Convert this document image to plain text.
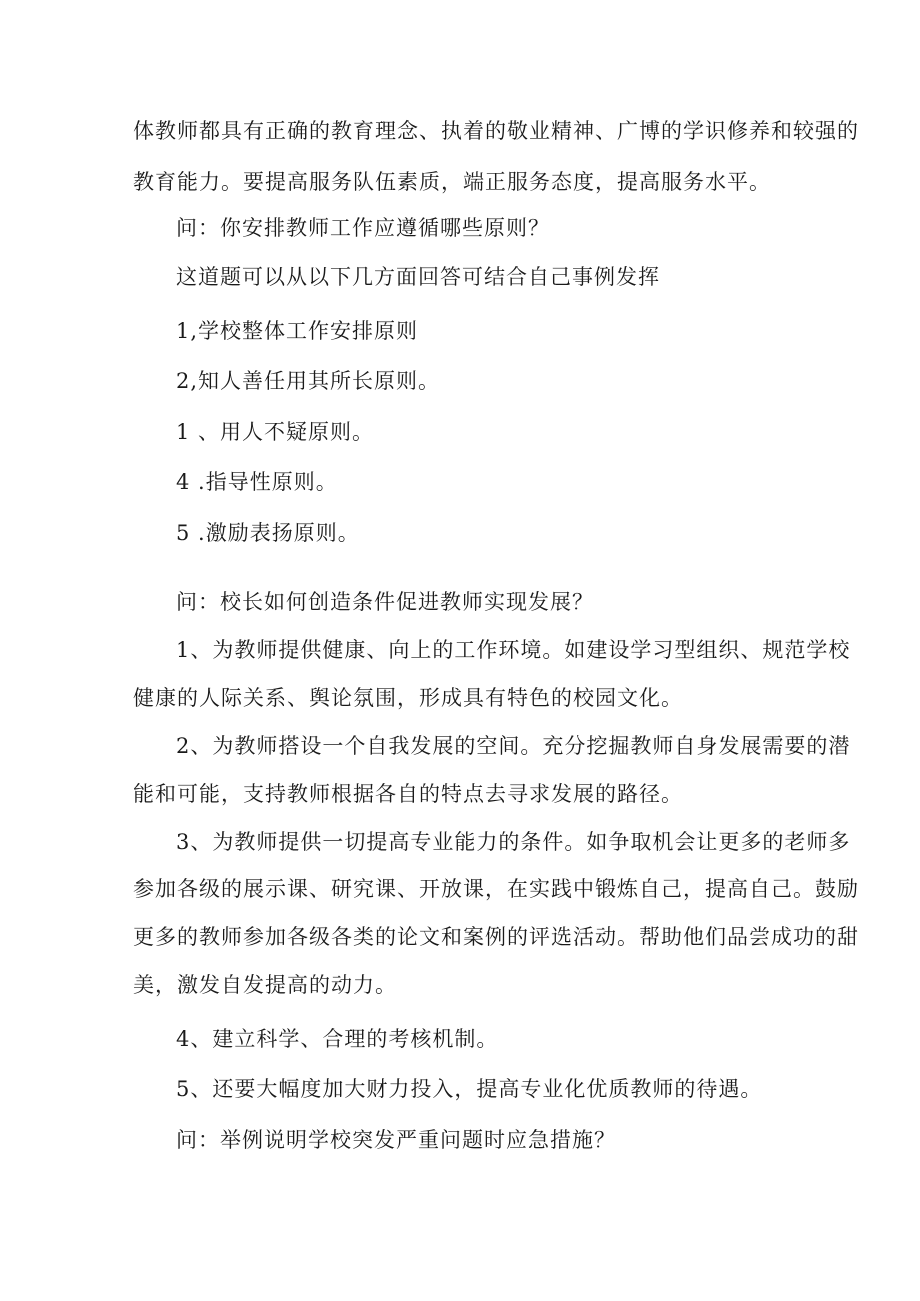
体教师都具有正确的教育理念、执着的敬业精神、广博的学识修养和较强的
教育能力。要提高服务队伍素质，端正服务态度，提高服务水平。
问：你安排教师工作应遵循哪些原则？
这道题可以从以下几方面回答可结合自己事例发挥
1,学校整体工作安排原则
2,知人善任用其所长原则。
1 、用人不疑原则。
4 .指导性原则。
5 .激励表扬原则。
问：校长如何创造条件促进教师实现发展？
1、为教师提供健康、向上的工作环境。如建设学习型组织、规范学校
健康的人际关系、舆论氛围，形成具有特色的校园文化。
2、为教师搭设一个自我发展的空间。充分挖掘教师自身发展需要的潜
能和可能，支持教师根据各自的特点去寻求发展的路径。
3、为教师提供一切提高专业能力的条件。如争取机会让更多的老师多
参加各级的展示课、研究课、开放课，在实践中锻炼自己，提高自己。鼓励
更多的教师参加各级各类的论文和案例的评选活动。帮助他们品尝成功的甜
美，激发自发提高的动力。
4、建立科学、合理的考核机制。
5、还要大幅度加大财力投入，提高专业化优质教师的待遇。
问：举例说明学校突发严重问题时应急措施？
